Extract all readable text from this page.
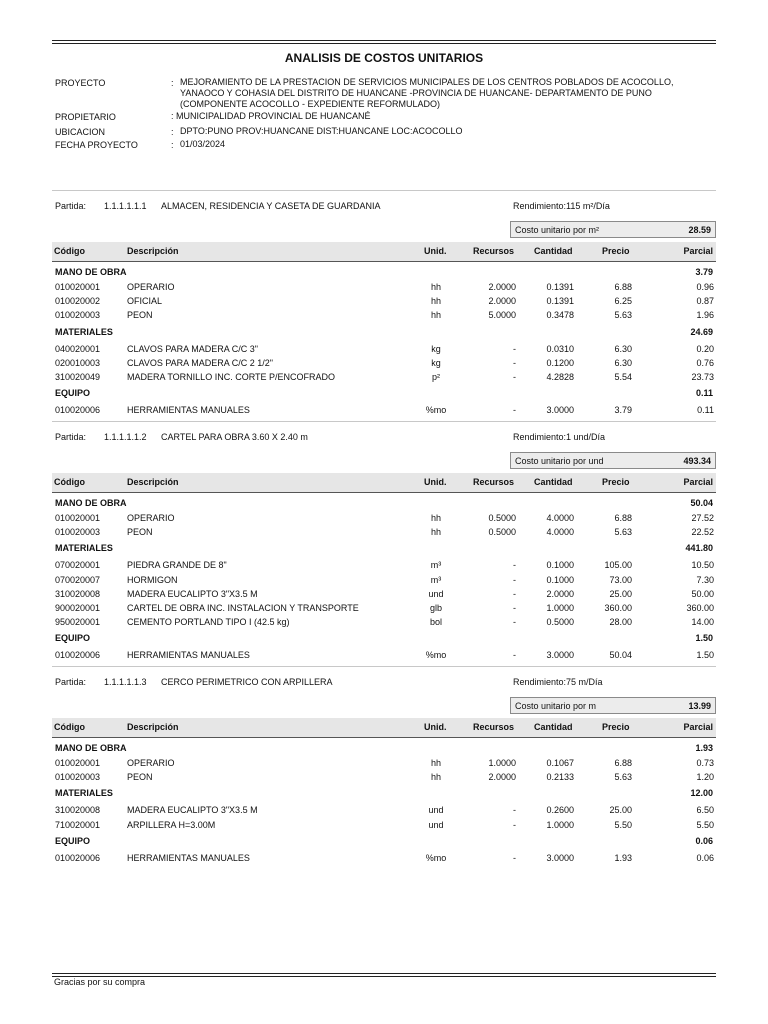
ANALISIS DE COSTOS UNITARIOS
PROYECTO	: MEJORAMIENTO DE LA PRESTACION DE SERVICIOS MUNICIPALES DE LOS CENTROS POBLADOS DE ACOCOLLO,
YANAOCO Y COHASIA DEL DISTRITO DE HUANCANE -PROVINCIA DE HUANCANE- DEPARTAMENTO DE PUNO
(COMPONENTE ACOCOLLO - EXPEDIENTE REFORMULADO)
PROPIETARIO	: MUNICIPALIDAD PROVINCIAL DE HUANCANÉ
UBICACION	: DPTO:PUNO PROV:HUANCANE DIST:HUANCANE LOC:ACOCOLLO
FECHA PROYECTO	: 01/03/2024
Partida: 1.1.1.1.1.1 ALMACEN, RESIDENCIA Y CASETA DE GUARDANIA	Rendimiento:115 m²/Día
Costo unitario por m²	28.59
Código	Descripción	Unid.	Recursos Cantidad	Precio	Parcial
MANO DE OBRA	3.79
010020001	OPERARIO	hh	2.0000	0.1391	6.88	0.96
010020002	OFICIAL	hh	2.0000	0.1391	6.25	0.87
010020003	PEON	hh	5.0000	0.3478	5.63	1.96
MATERIALES	24.69
040020001	CLAVOS PARA MADERA C/C 3"	kg	-	0.0310	6.30	0.20
020010003	CLAVOS PARA MADERA C/C 2 1/2"	kg	-	0.1200	6.30	0.76
310020049	MADERA TORNILLO INC. CORTE P/ENCOFRADO	p²	-	4.2828	5.54	23.73
EQUIPO	0.11
010020006	HERRAMIENTAS MANUALES	%mo	-	3.0000	3.79	0.11
Partida: 1.1.1.1.1.2 CARTEL PARA OBRA 3.60 X 2.40 m	Rendimiento:1 und/Día
Costo unitario por und	493.34
Código	Descripción	Unid.	Recursos Cantidad	Precio	Parcial
MANO DE OBRA	50.04
010020001	OPERARIO	hh	0.5000	4.0000	6.88	27.52
010020003	PEON	hh	0.5000	4.0000	5.63	22.52
MATERIALES	441.80
070020001	PIEDRA GRANDE DE 8"	m³	-	0.1000	105.00	10.50
070020007	HORMIGON	m³	-	0.1000	73.00	7.30
310020008	MADERA EUCALIPTO 3"X3.5 M	und	-	2.0000	25.00	50.00
900020001	CARTEL DE OBRA INC. INSTALACION Y TRANSPORTE	glb	-	1.0000	360.00	360.00
950020001	CEMENTO PORTLAND TIPO I (42.5 kg)	bol	-	0.5000	28.00	14.00
EQUIPO	1.50
010020006	HERRAMIENTAS MANUALES	%mo	-	3.0000	50.04	1.50
Partida: 1.1.1.1.1.3 CERCO PERIMETRICO CON ARPILLERA	Rendimiento:75 m/Día
Costo unitario por m	13.99
Código	Descripción	Unid.	Recursos Cantidad	Precio	Parcial
MANO DE OBRA	1.93
010020001	OPERARIO	hh	1.0000	0.1067	6.88	0.73
010020003	PEON	hh	2.0000	0.2133	5.63	1.20
MATERIALES	12.00
310020008	MADERA EUCALIPTO 3"X3.5 M	und	-	0.2600	25.00	6.50
710020001	ARPILLERA H=3.00M	und	-	1.0000	5.50	5.50
EQUIPO	0.06
010020006	HERRAMIENTAS MANUALES	%mo	-	3.0000	1.93	0.06
Gracias por su compra
